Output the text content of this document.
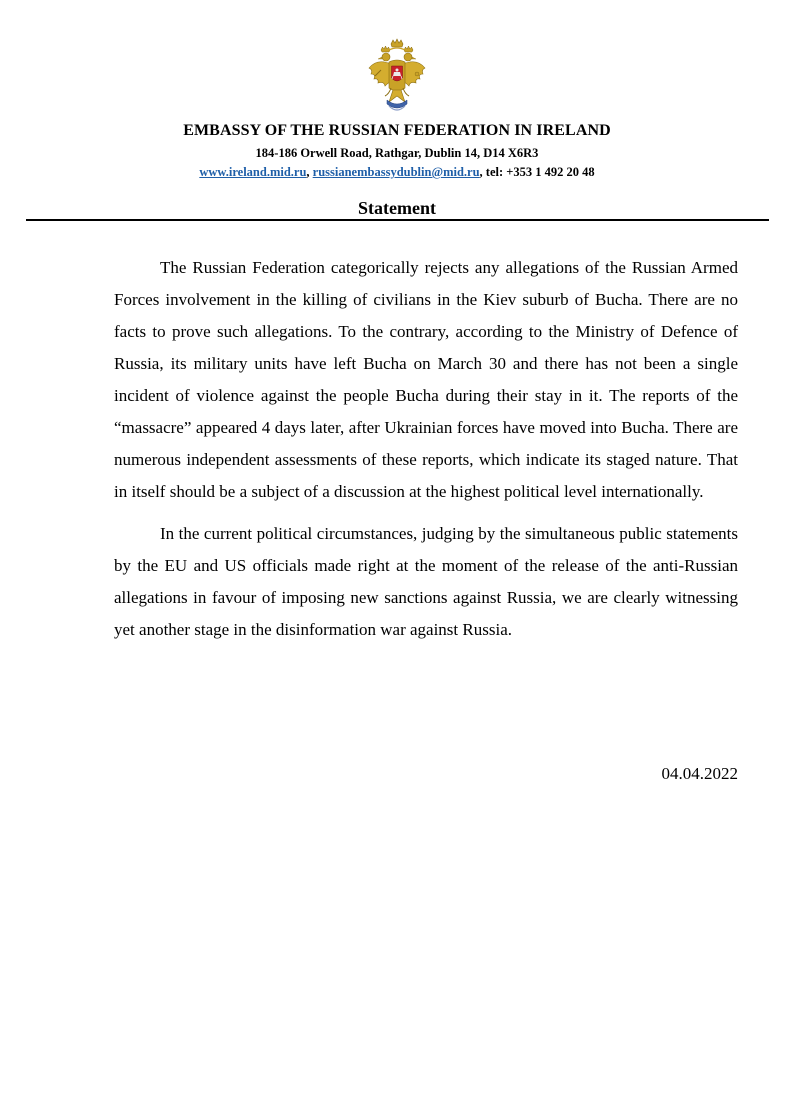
EMBASSY OF THE RUSSIAN FEDERATION IN IRELAND
184-186 Orwell Road, Rathgar, Dublin 14, D14 X6R3
www.ireland.mid.ru, russianembassydublin@mid.ru, tel: +353 1 492 20 48
Statement

The Russian Federation categorically rejects any allegations of the Russian Armed Forces involvement in the killing of civilians in the Kiev suburb of Bucha. There are no facts to prove such allegations. To the contrary, according to the Ministry of Defence of Russia, its military units have left Bucha on March 30 and there has not been a single incident of violence against the people Bucha during their stay in it. The reports of the “massacre” appeared 4 days later, after Ukrainian forces have moved into Bucha. There are numerous independent assessments of these reports, which indicate its staged nature. That in itself should be a subject of a discussion at the highest political level internationally.

In the current political circumstances, judging by the simultaneous public statements by the EU and US officials made right at the moment of the release of the anti-Russian allegations in favour of imposing new sanctions against Russia, we are clearly witnessing yet another stage in the disinformation war against Russia.

04.04.2022
